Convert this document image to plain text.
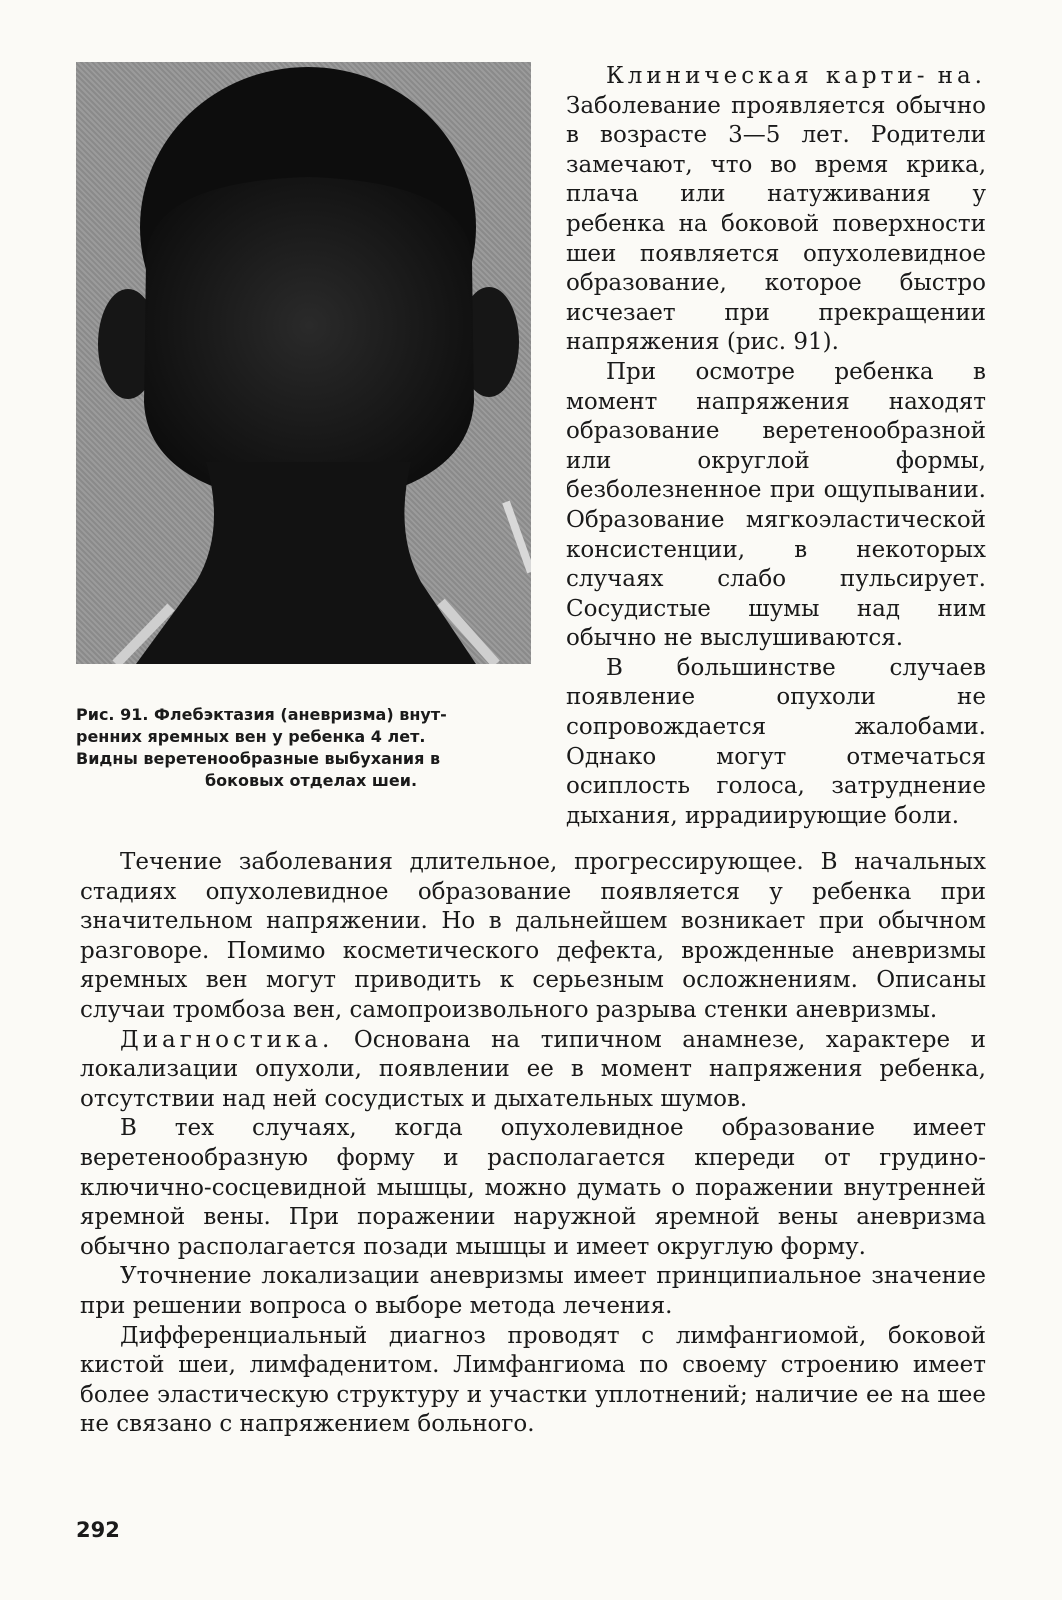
Рис. 91. Флебэктазия (аневризма) внут-
ренних яремных вен у ребенка 4 лет.
Видны веретенообразные выбухания в
боковых отделах шеи.

Клиническая карти- на. Заболевание проявляется обычно в возрасте 3—5 лет. Родители замечают, что во время крика, плача или натуживания у ребенка на боковой поверхности шеи появляется опухолевидное образование, которое быстро исчезает при прекращении напряжения (рис. 91).

При осмотре ребенка в момент напряжения находят образование веретенообразной или округлой формы, безболезненное при ощупывании. Образование мягкоэластической консистенции, в некоторых случаях слабо пульсирует. Сосудистые шумы над ним обычно не выслушиваются.

В большинстве случаев появление опухоли не сопровождается жалобами. Однако могут отмечаться осиплость голоса, затруднение дыхания, иррадиирующие боли.

Течение заболевания длительное, прогрессирующее. В начальных стадиях опухолевидное образование появляется у ребенка при значительном напряжении. Но в дальнейшем возникает при обычном разговоре. Помимо косметического дефекта, врожденные аневризмы яремных вен могут приводить к серьезным осложнениям. Описаны случаи тромбоза вен, самопроизвольного разрыва стенки аневризмы.

Диагностика. Основана на типичном анамнезе, характере и локализации опухоли, появлении ее в момент напряжения ребенка, отсутствии над ней сосудистых и дыхательных шумов.

В тех случаях, когда опухолевидное образование имеет веретенообразную форму и располагается кпереди от грудино-ключично-сосцевидной мышцы, можно думать о поражении внутренней яремной вены. При поражении наружной яремной вены аневризма обычно располагается позади мышцы и имеет округлую форму.

Уточнение локализации аневризмы имеет принципиальное значение при решении вопроса о выборе метода лечения.

Дифференциальный диагноз проводят с лимфангиомой, боковой кистой шеи, лимфаденитом. Лимфангиома по своему строению имеет более эластическую структуру и участки уплотнений; наличие ее на шее не связано с напряжением больного.

292
